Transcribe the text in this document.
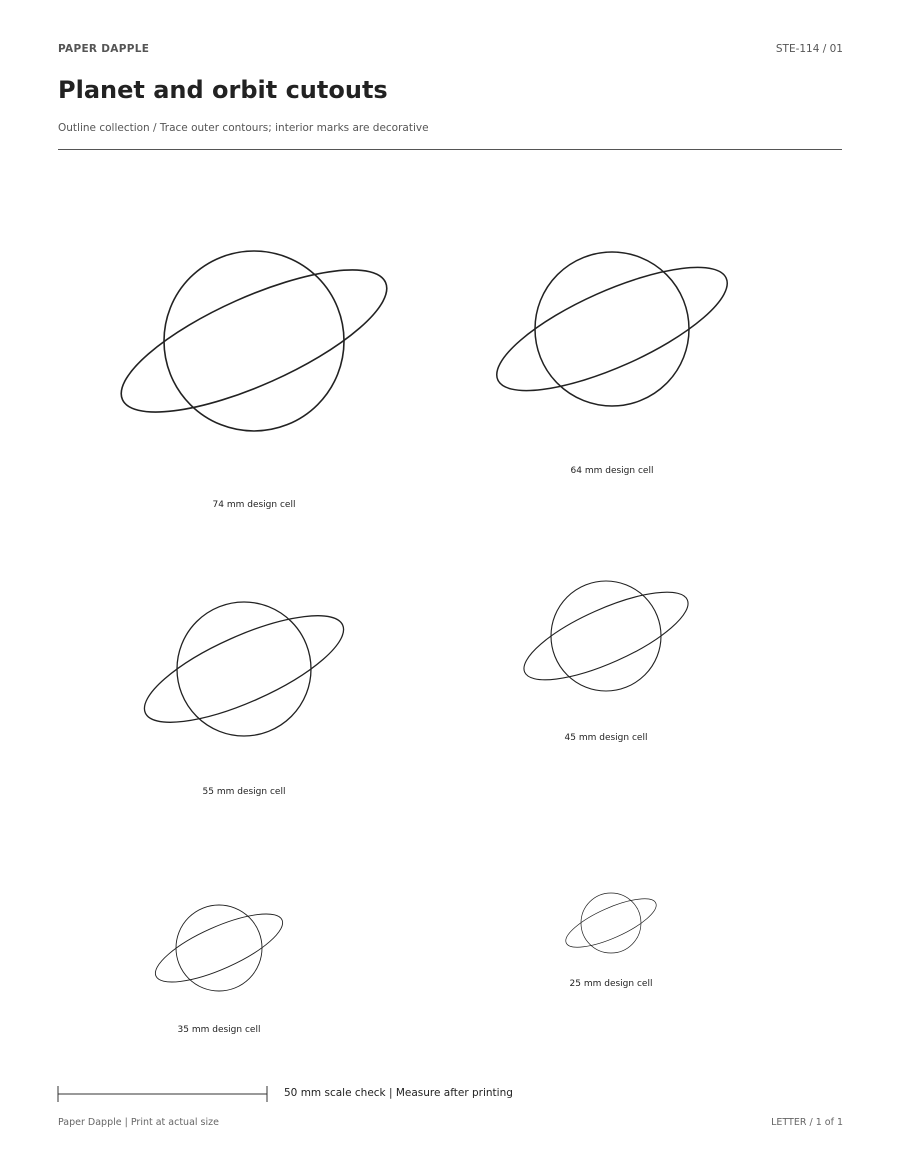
PAPER DAPPLE	STE-114 / 01
Planet and orbit cutouts
Outline collection / Trace outer contours; interior marks are decorative
74 mm design cell
64 mm design cell
55 mm design cell
45 mm design cell
35 mm design cell
25 mm design cell
50 mm scale check | Measure after printing
Paper Dapple | Print at actual size	LETTER / 1 of 1
